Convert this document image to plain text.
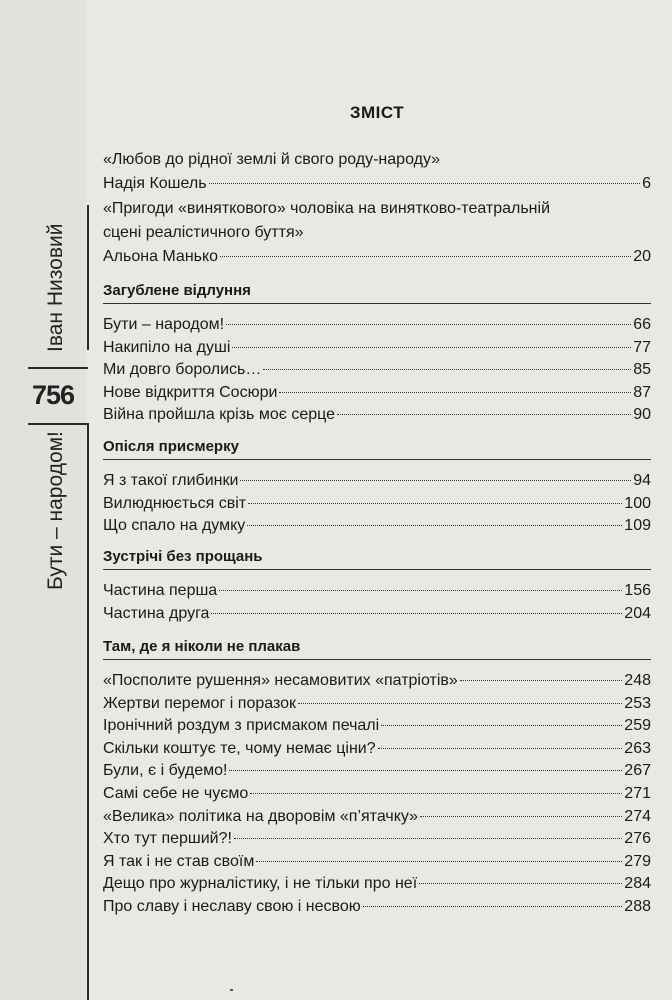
Іван Низовий
756
Бути – народом!
ЗМІСТ
«Любов до рідної землі й свого роду-народу»
Надія Кошель	6
«Пригоди «виняткового» чоловіка на винятково-театральній
сцені реалістичного буття»
Альона Манько	20
Загублене відлуння
Бути – народом!	66
Накипіло на душі	77
Ми довго боролись…	85
Нове відкриття Сосюри	87
Війна пройшла крізь моє серце	90
Опісля присмерку
Я з такої глибинки	94
Вилюднюється світ	100
Що спало на думку	109
Зустрічі без прощань
Частина перша	156
Частина друга	204
Там, де я ніколи не плакав
«Посполите рушення» несамовитих «патріотів»	248
Жертви перемог і поразок	253
Іронічний роздум з присмаком печалі	259
Скільки коштує те, чому немає ціни?	263
Були, є і будемо!	267
Самі себе не чуємо	271
«Велика» політика на дворовім «п’ятачку»	274
Хто тут перший?!	276
Я так і не став своїм	279
Дещо про журналістику, і не тільки про неї	284
Про славу і неславу свою і несвою	288
